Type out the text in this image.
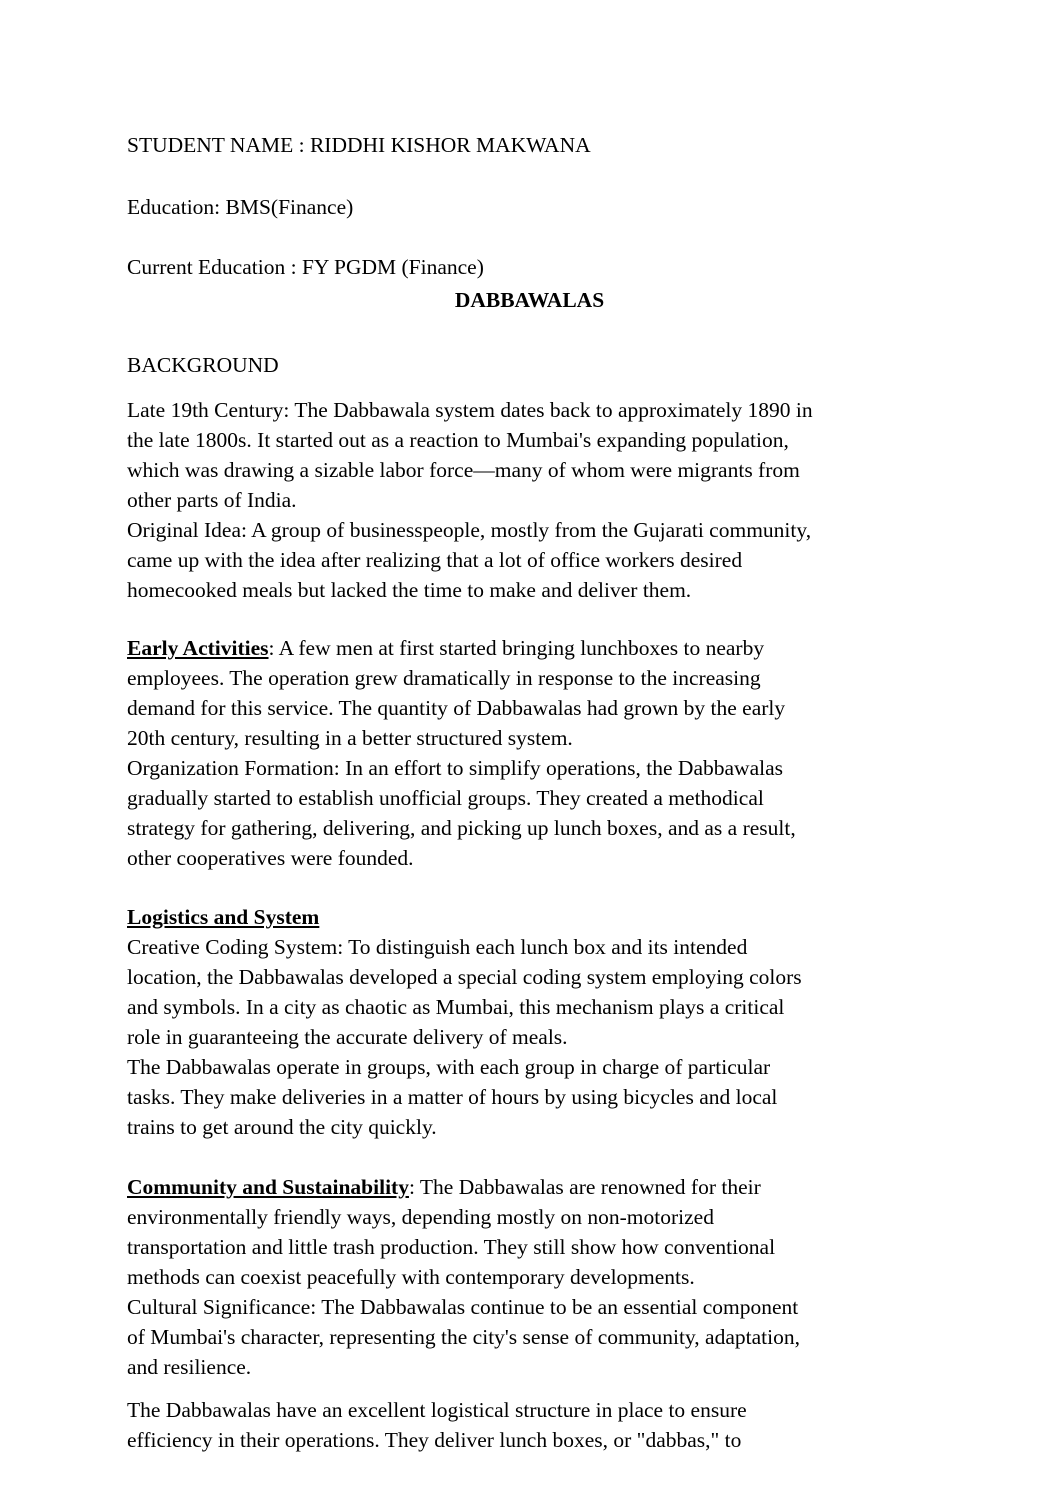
STUDENT NAME : RIDDHI KISHOR MAKWANA

Education: BMS(Finance)

Current Education : FY PGDM (Finance)

DABBAWALAS

BACKGROUND

Late 19th Century: The Dabbawala system dates back to approximately 1890 in
the late 1800s. It started out as a reaction to Mumbai's expanding population,
which was drawing a sizable labor force—many of whom were migrants from
other parts of India.
Original Idea: A group of businesspeople, mostly from the Gujarati community,
came up with the idea after realizing that a lot of office workers desired
homecooked meals but lacked the time to make and deliver them.

Early Activities: A few men at first started bringing lunchboxes to nearby
employees. The operation grew dramatically in response to the increasing
demand for this service. The quantity of Dabbawalas had grown by the early
20th century, resulting in a better structured system.
Organization Formation: In an effort to simplify operations, the Dabbawalas
gradually started to establish unofficial groups. They created a methodical
strategy for gathering, delivering, and picking up lunch boxes, and as a result,
other cooperatives were founded.

Logistics and System
Creative Coding System: To distinguish each lunch box and its intended
location, the Dabbawalas developed a special coding system employing colors
and symbols. In a city as chaotic as Mumbai, this mechanism plays a critical
role in guaranteeing the accurate delivery of meals.
The Dabbawalas operate in groups, with each group in charge of particular
tasks. They make deliveries in a matter of hours by using bicycles and local
trains to get around the city quickly.

Community and Sustainability: The Dabbawalas are renowned for their
environmentally friendly ways, depending mostly on non-motorized
transportation and little trash production. They still show how conventional
methods can coexist peacefully with contemporary developments.
Cultural Significance: The Dabbawalas continue to be an essential component
of Mumbai's character, representing the city's sense of community, adaptation,
and resilience.

The Dabbawalas have an excellent logistical structure in place to ensure
efficiency in their operations. They deliver lunch boxes, or "dabbas," to
